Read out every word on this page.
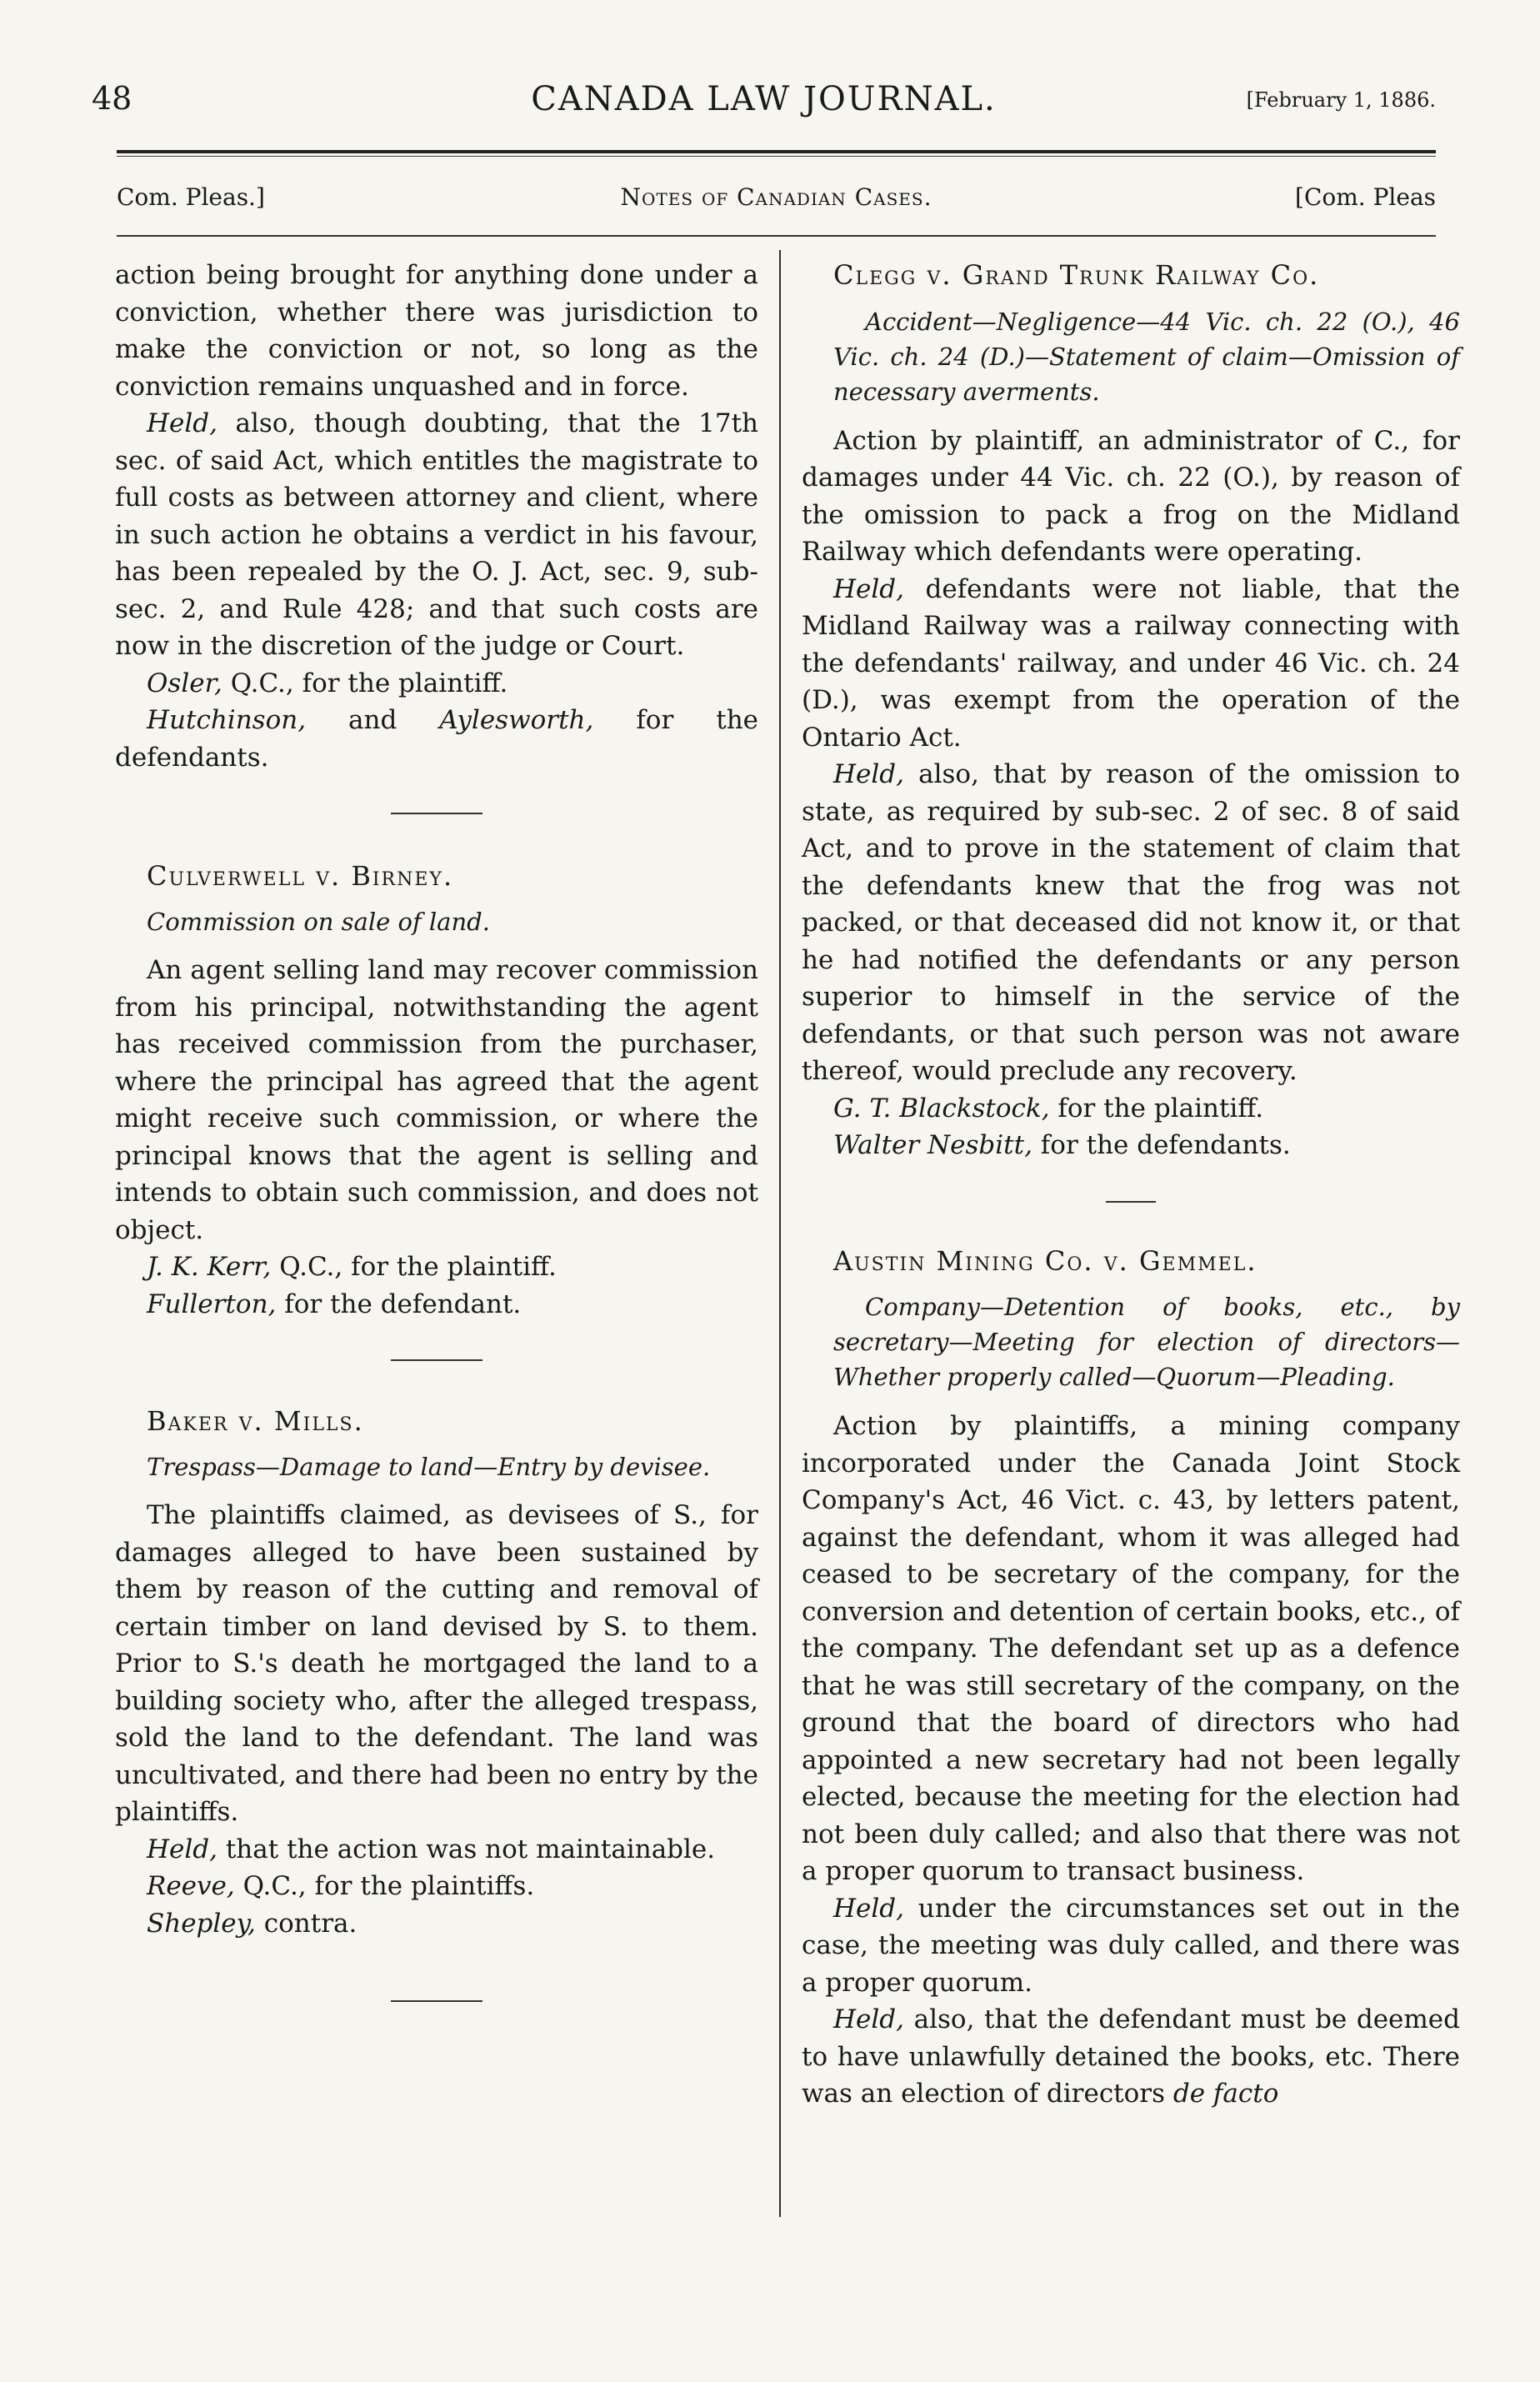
48	CANADA LAW JOURNAL.	[February 1, 1886.
Com. Pleas.]	Notes of Canadian Cases.	[Com. Pleas

action being brought for anything done under a conviction, whether there was jurisdiction to make the conviction or not, so long as the conviction remains unquashed and in force.

Held, also, though doubting, that the 17th sec. of said Act, which entitles the magistrate to full costs as between attorney and client, where in such action he obtains a verdict in his favour, has been repealed by the O. J. Act, sec. 9, sub-sec. 2, and Rule 428; and that such costs are now in the discretion of the judge or Court.

Osler, Q.C., for the plaintiff.

Hutchinson, and Aylesworth, for the defendants.

Culverwell v. Birney.

Commission on sale of land.

An agent selling land may recover commission from his principal, notwithstanding the agent has received commission from the purchaser, where the principal has agreed that the agent might receive such commission, or where the principal knows that the agent is selling and intends to obtain such commission, and does not object.

J. K. Kerr, Q.C., for the plaintiff.

Fullerton, for the defendant.

Baker v. Mills.

Trespass—Damage to land—Entry by devisee.

The plaintiffs claimed, as devisees of S., for damages alleged to have been sustained by them by reason of the cutting and removal of certain timber on land devised by S. to them. Prior to S.'s death he mortgaged the land to a building society who, after the alleged trespass, sold the land to the defendant. The land was uncultivated, and there had been no entry by the plaintiffs.

Held, that the action was not maintainable.

Reeve, Q.C., for the plaintiffs.

Shepley, contra.

Clegg v. Grand Trunk Railway Co.

Accident—Negligence—44 Vic. ch. 22 (O.), 46 Vic. ch. 24 (D.)—Statement of claim—Omission of necessary averments.

Action by plaintiff, an administrator of C., for damages under 44 Vic. ch. 22 (O.), by reason of the omission to pack a frog on the Midland Railway which defendants were operating.

Held, defendants were not liable, that the Midland Railway was a railway connecting with the defendants' railway, and under 46 Vic. ch. 24 (D.), was exempt from the operation of the Ontario Act.

Held, also, that by reason of the omission to state, as required by sub-sec. 2 of sec. 8 of said Act, and to prove in the statement of claim that the defendants knew that the frog was not packed, or that deceased did not know it, or that he had notified the defendants or any person superior to himself in the service of the defendants, or that such person was not aware thereof, would preclude any recovery.

G. T. Blackstock, for the plaintiff.

Walter Nesbitt, for the defendants.

Austin Mining Co. v. Gemmel.

Company—Detention of books, etc., by secretary—Meeting for election of directors—Whether properly called—Quorum—Pleading.

Action by plaintiffs, a mining company incorporated under the Canada Joint Stock Company's Act, 46 Vict. c. 43, by letters patent, against the defendant, whom it was alleged had ceased to be secretary of the company, for the conversion and detention of certain books, etc., of the company. The defendant set up as a defence that he was still secretary of the company, on the ground that the board of directors who had appointed a new secretary had not been legally elected, because the meeting for the election had not been duly called; and also that there was not a proper quorum to transact business.

Held, under the circumstances set out in the case, the meeting was duly called, and there was a proper quorum.

Held, also, that the defendant must be deemed to have unlawfully detained the books, etc. There was an election of directors de facto
